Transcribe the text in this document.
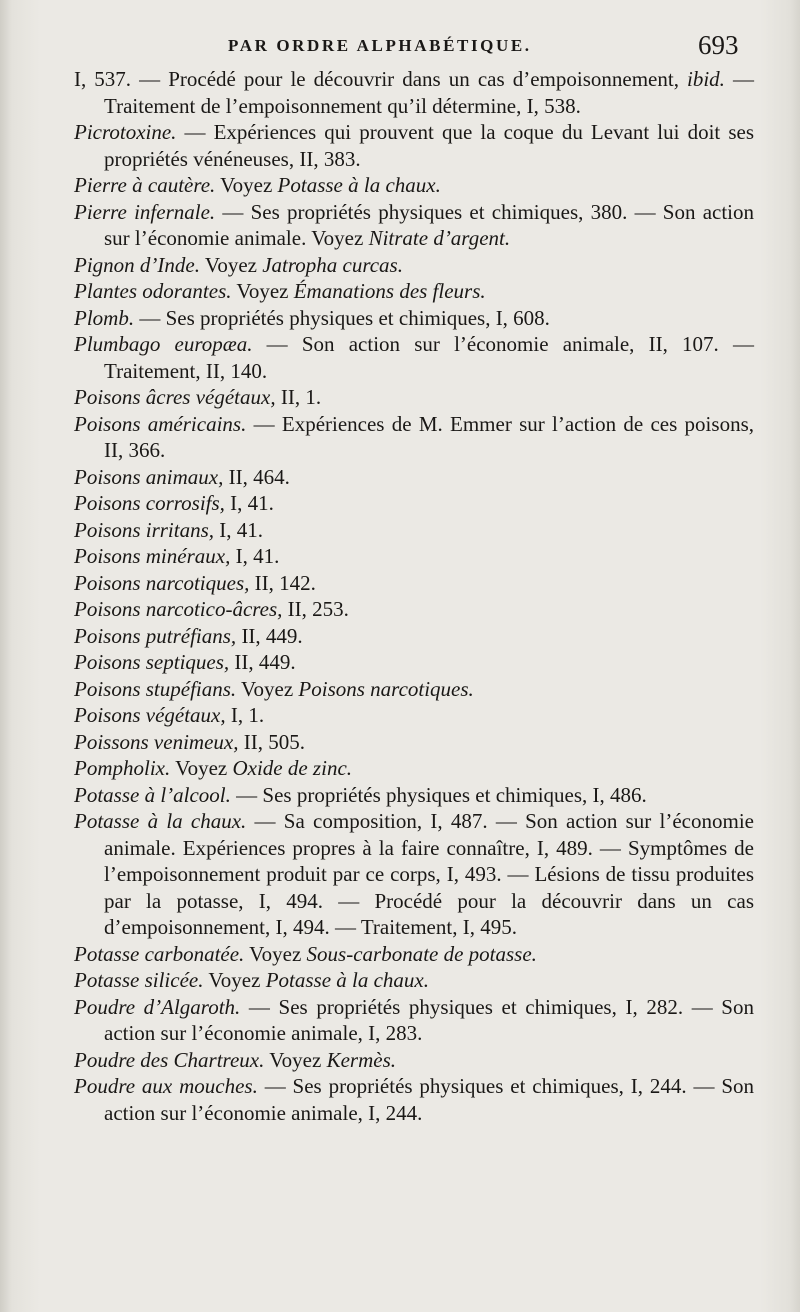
PAR ORDRE ALPHABÉTIQUE.	693
I, 537. — Procédé pour le découvrir dans un cas d’empoisonnement, ibid. — Traitement de l’empoisonnement qu’il détermine, I, 538.
Picrotoxine. — Expériences qui prouvent que la coque du Levant lui doit ses propriétés vénéneuses, II, 383.
Pierre à cautère. Voyez Potasse à la chaux.
Pierre infernale. — Ses propriétés physiques et chimiques, 380. — Son action sur l’économie animale. Voyez Nitrate d’argent.
Pignon d’Inde. Voyez Jatropha curcas.
Plantes odorantes. Voyez Émanations des fleurs.
Plomb. — Ses propriétés physiques et chimiques, I, 608.
Plumbago europæa. — Son action sur l’économie animale, II, 107. — Traitement, II, 140.
Poisons âcres végétaux, II, 1.
Poisons américains. — Expériences de M. Emmer sur l’action de ces poisons, II, 366.
Poisons animaux, II, 464.
Poisons corrosifs, I, 41.
Poisons irritans, I, 41.
Poisons minéraux, I, 41.
Poisons narcotiques, II, 142.
Poisons narcotico-âcres, II, 253.
Poisons putréfians, II, 449.
Poisons septiques, II, 449.
Poisons stupéfians. Voyez Poisons narcotiques.
Poisons végétaux, I, 1.
Poissons venimeux, II, 505.
Pompholix. Voyez Oxide de zinc.
Potasse à l’alcool. — Ses propriétés physiques et chimiques, I, 486.
Potasse à la chaux. — Sa composition, I, 487. — Son action sur l’économie animale. Expériences propres à la faire connaître, I, 489. — Symptômes de l’empoisonnement produit par ce corps, I, 493. — Lésions de tissu produites par la potasse, I, 494. — Procédé pour la découvrir dans un cas d’empoisonnement, I, 494. — Traitement, I, 495.
Potasse carbonatée. Voyez Sous-carbonate de potasse.
Potasse silicée. Voyez Potasse à la chaux.
Poudre d’Algaroth. — Ses propriétés physiques et chimiques, I, 282. — Son action sur l’économie animale, I, 283.
Poudre des Chartreux. Voyez Kermès.
Poudre aux mouches. — Ses propriétés physiques et chimiques, I, 244. — Son action sur l’économie animale, I, 244.
